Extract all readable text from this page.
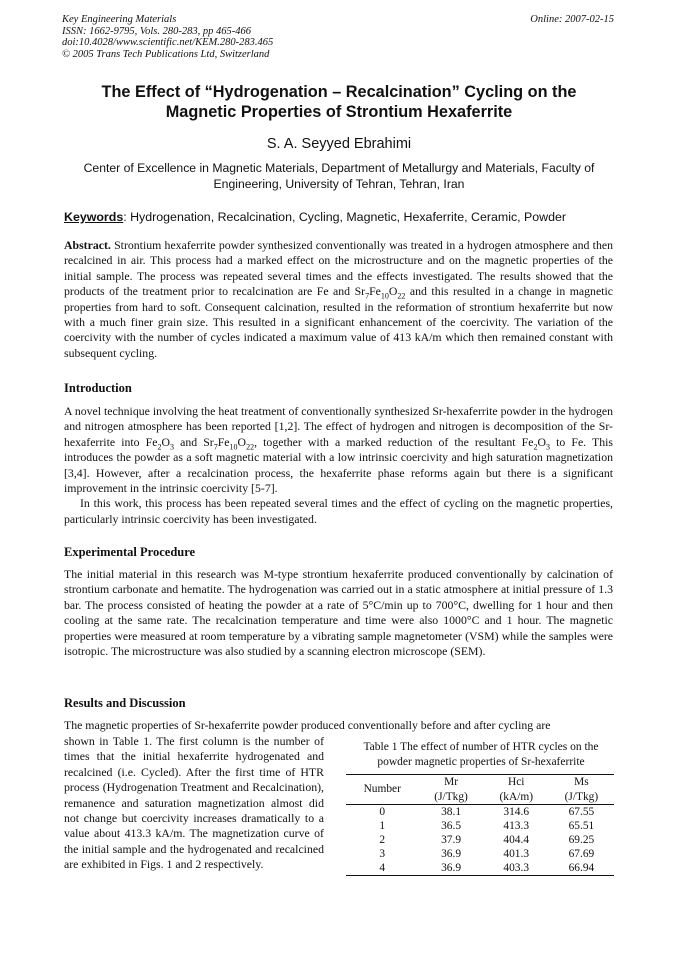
Key Engineering Materials
ISSN: 1662-9795, Vols. 280-283, pp 465-466
doi:10.4028/www.scientific.net/KEM.280-283.465
© 2005 Trans Tech Publications Ltd, Switzerland
Online: 2007-02-15
The Effect of “Hydrogenation – Recalcination” Cycling on the Magnetic Properties of Strontium Hexaferrite
S. A. Seyyed Ebrahimi
Center of Excellence in Magnetic Materials, Department of Metallurgy and Materials, Faculty of Engineering, University of Tehran, Tehran, Iran
Keywords: Hydrogenation, Recalcination, Cycling, Magnetic, Hexaferrite, Ceramic, Powder

Abstract. Strontium hexaferrite powder synthesized conventionally was treated in a hydrogen atmosphere and then recalcined in air. This process had a marked effect on the microstructure and on the magnetic properties of the initial sample. The process was repeated several times and the effects investigated. The results showed that the products of the treatment prior to recalcination are Fe and $Sr_7Fe_{10}O_{22}$ and this resulted in a change in magnetic properties from hard to soft. Consequent calcination, resulted in the reformation of strontium hexaferrite but now with a much finer grain size. This resulted in a significant enhancement of the coercivity. The variation of the coercivity with the number of cycles indicated a maximum value of 413 kA/m which then remained constant with subsequent cycling.

Introduction

A novel technique involving the heat treatment of conventionally synthesized Sr-hexaferrite powder in the hydrogen and nitrogen atmosphere has been reported [1,2]. The effect of hydrogen and nitrogen is decomposition of the Sr-hexaferrite into $Fe_2O_3$ and $Sr_7Fe_{10}O_{22}$, together with a marked reduction of the resultant $Fe_2O_3$ to Fe. This introduces the powder as a soft magnetic material with a low intrinsic coercivity and high saturation magnetization [3,4]. However, after a recalcination process, the hexaferrite phase reforms again but there is a significant improvement in the intrinsic coercivity [5-7].

In this work, this process has been repeated several times and the effect of cycling on the magnetic properties, particularly intrinsic coercivity has been investigated.

Experimental Procedure

The initial material in this research was M-type strontium hexaferrite produced conventionally by calcination of strontium carbonate and hematite. The hydrogenation was carried out in a static atmosphere at initial pressure of 1.3 bar. The process consisted of heating the powder at a rate of 5°C/min up to 700°C, dwelling for 1 hour and then cooling at the same rate. The recalcination temperature and time were also 1000°C and 1 hour. The magnetic properties were measured at room temperature by a vibrating sample magnetometer (VSM) while the samples were isotropic. The microstructure was also studied by a scanning electron microscope (SEM).

Results and Discussion

The magnetic properties of Sr-hexaferrite powder produced conventionally before and after cycling are

shown in Table 1. The first column is the number of times that the initial hexaferrite hydrogenated and recalcined (i.e. Cycled). After the first time of HTR process (Hydrogenation Treatment and Recalcination), remanence and saturation magnetization almost did not change but coercivity increases dramatically to a value about 413.3 kA/m. The magnetization curve of the initial sample and the hydrogenated and recalcined are exhibited in Figs. 1 and 2 respectively.
Table 1 The effect of number of HTR cycles on the powder magnetic properties of Sr-hexaferrite
Number	Mr	Hci	Ms
	(J/Tkg)	(kA/m)	(J/Tkg)
0	38.1	314.6	67.55
1	36.5	413.3	65.51
2	37.9	404.4	69.25
3	36.9	401.3	67.69
4	36.9	403.3	66.94
